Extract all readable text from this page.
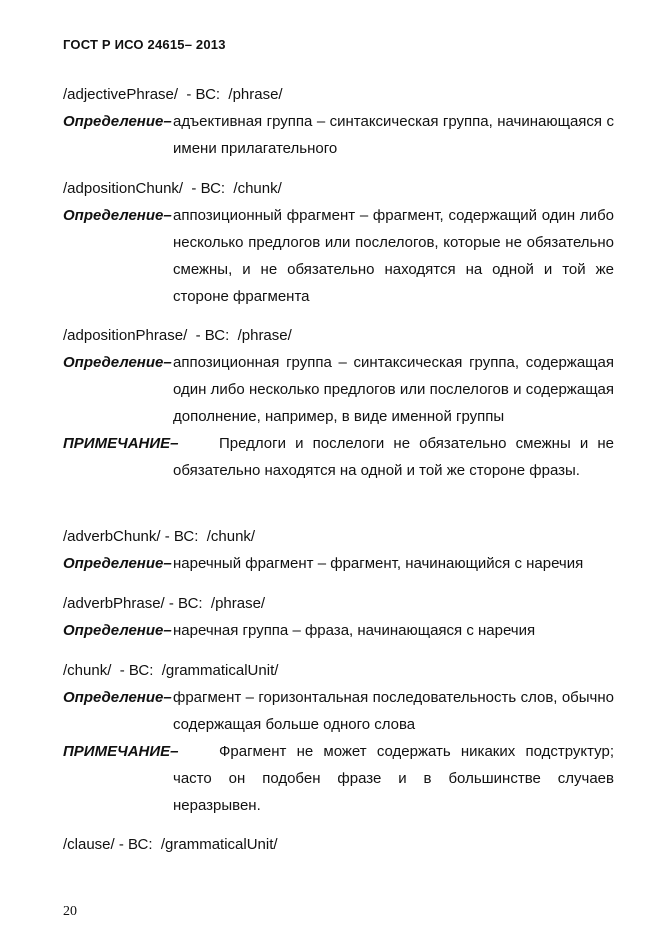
ГОСТ Р ИСО 24615– 2013
/adjectivePhrase/  - ВС:  /phrase/
Определение– адъективная группа – синтаксическая группа, начинающаяся с имени прилагательного
/adpositionChunk/  - ВС:  /chunk/
Определение– аппозиционный фрагмент – фрагмент, содержащий один либо несколько предлогов или послелогов, которые не обязательно смежны, и не обязательно находятся на одной и той же стороне фрагмента
/adpositionPhrase/  - ВС:  /phrase/
Определение– аппозиционная группа – синтаксическая группа, содержащая один либо несколько предлогов или послелогов и содержащая дополнение, например, в виде именной группы
ПРИМЕЧАНИЕ–	Предлоги и послелоги не обязательно смежны и не обязательно находятся на одной и той же стороне фразы.
/adverbChunk/ - ВС:  /chunk/
Определение– наречный фрагмент – фрагмент, начинающийся с наречия
/adverbPhrase/ - ВС:  /phrase/
Определение– наречная группа – фраза, начинающаяся с наречия
/chunk/  - ВС:  /grammaticalUnit/
Определение– фрагмент – горизонтальная последовательность слов, обычно содержащая больше одного слова
ПРИМЕЧАНИЕ–	Фрагмент не может содержать никаких подструктур; часто он подобен фразе и в большинстве случаев неразрывен.
/clause/ - ВС:  /grammaticalUnit/
20
